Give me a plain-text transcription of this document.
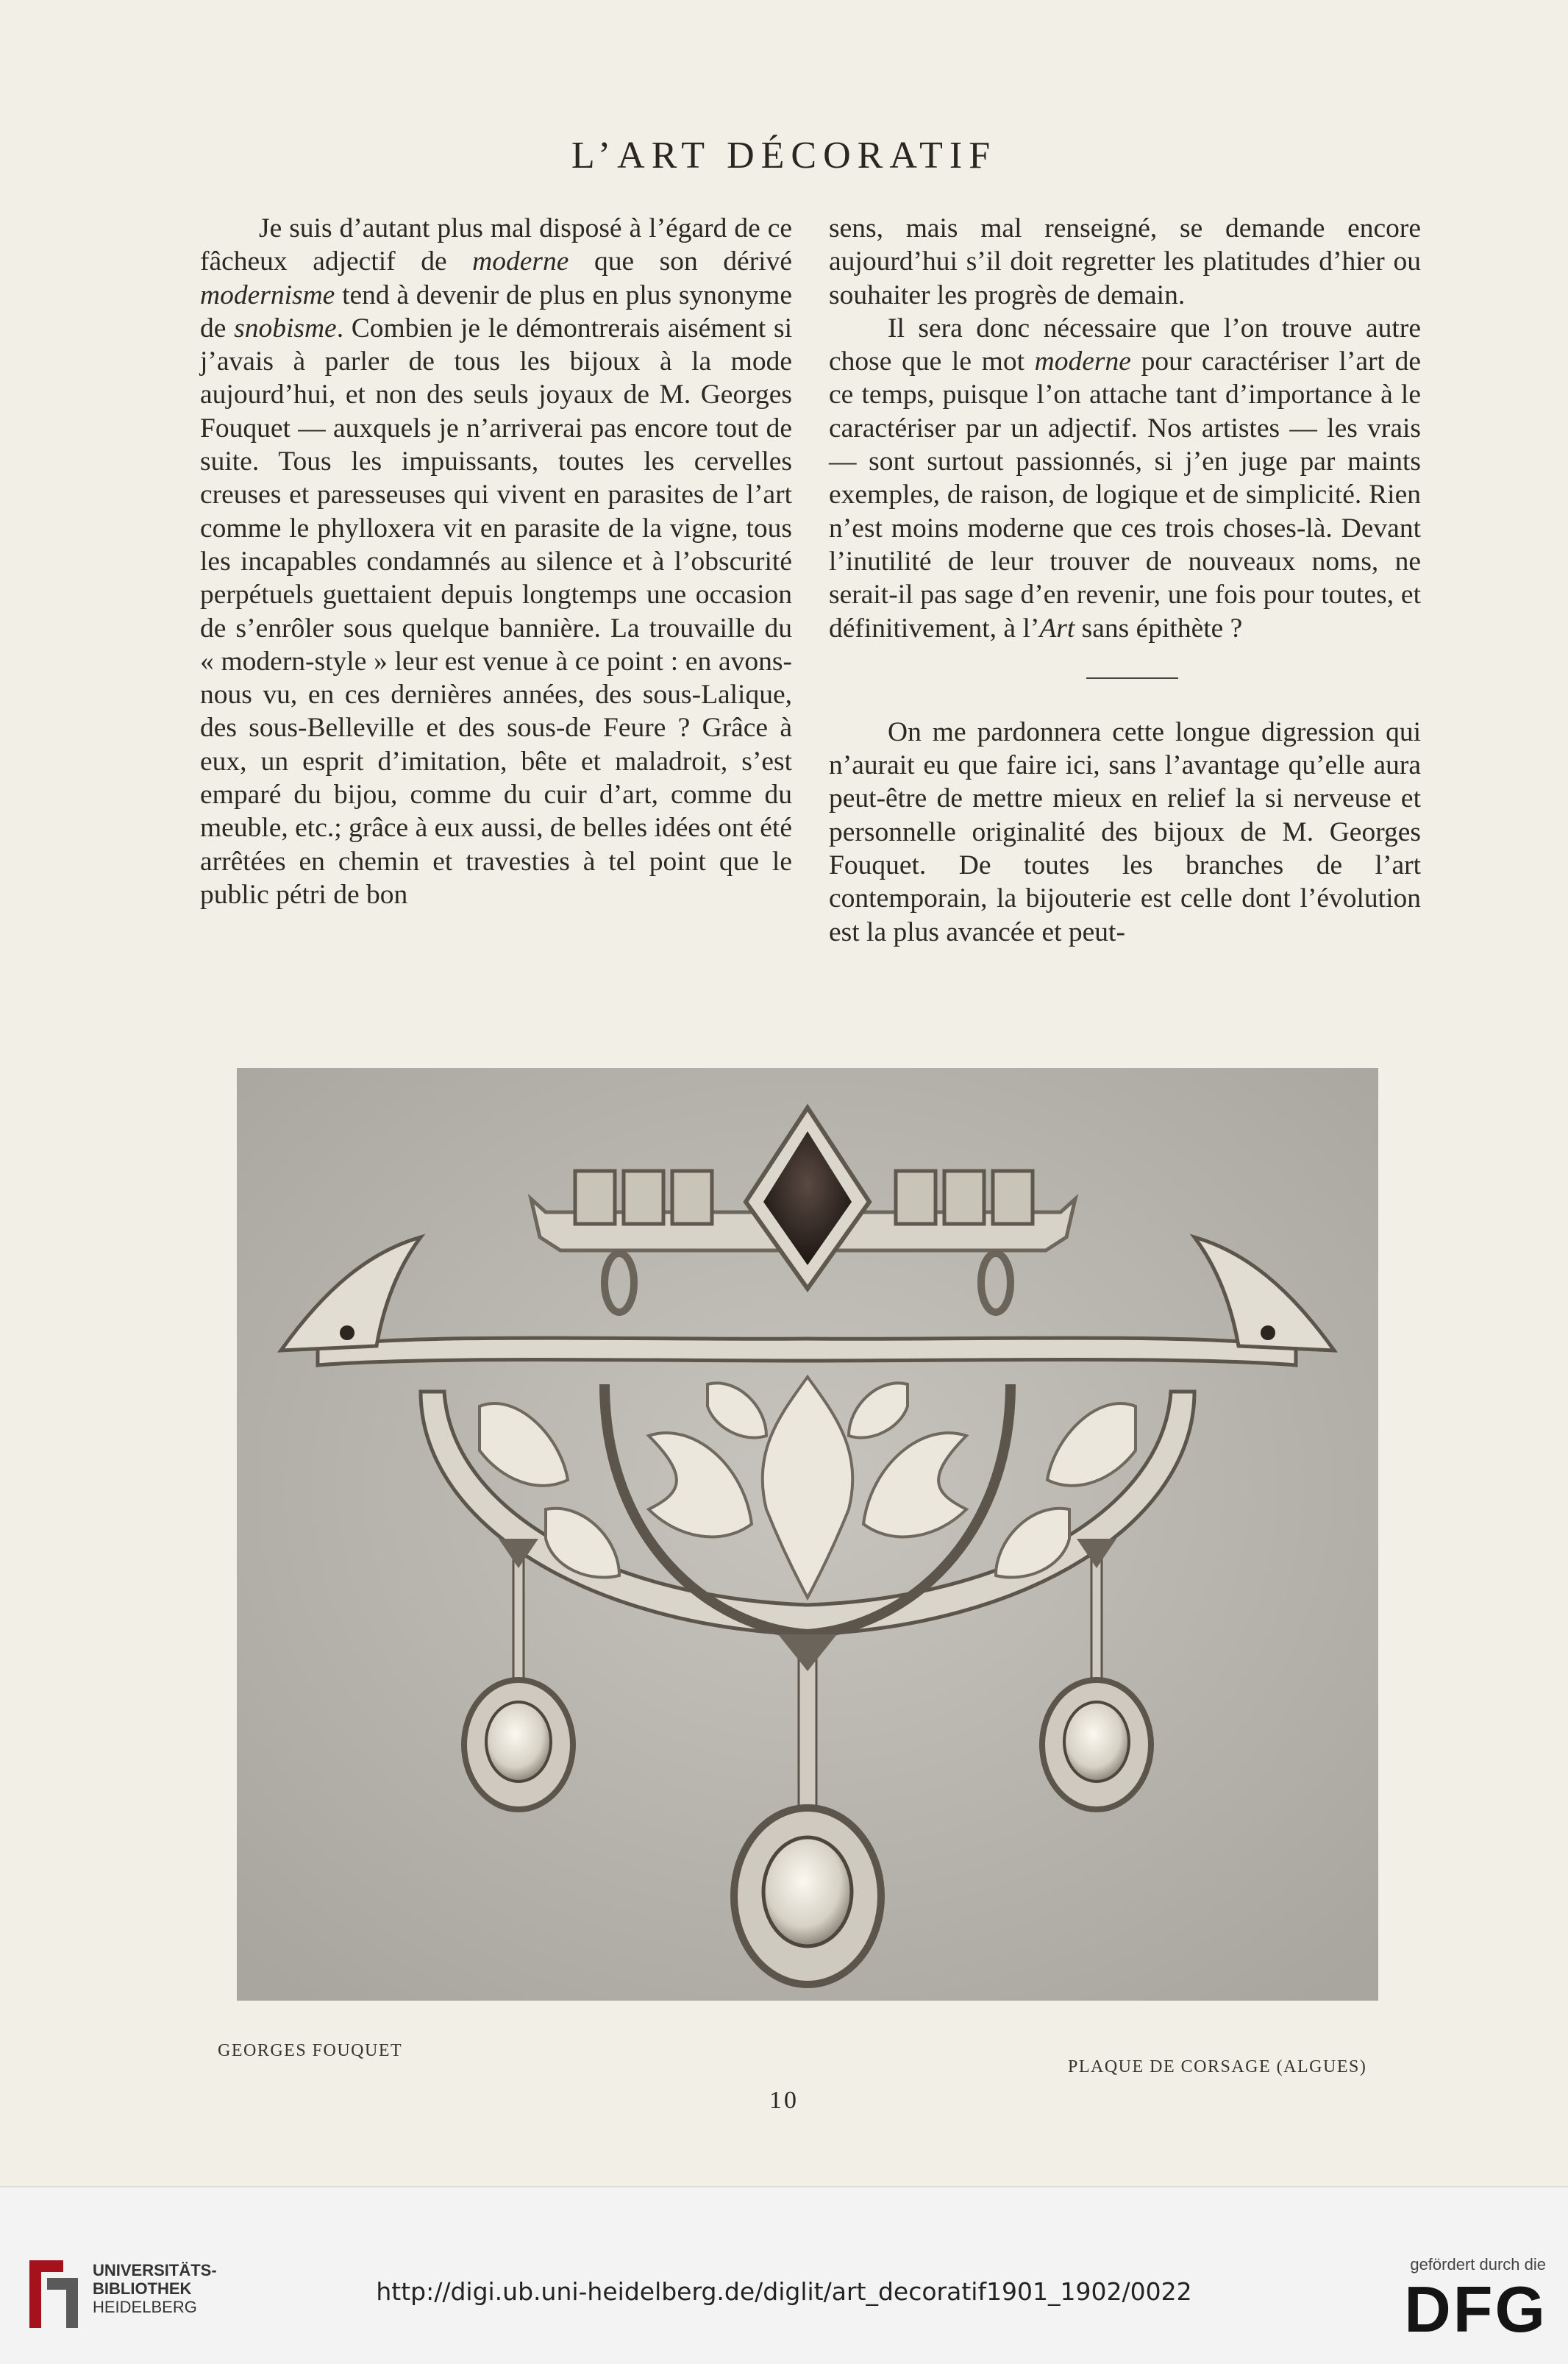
L’ART DÉCORATIF

Je suis d’autant plus mal disposé à l’égard de ce fâcheux adjectif de moderne que son dérivé modernisme tend à devenir de plus en plus synonyme de snobisme. Combien je le démontrerais aisément si j’avais à parler de tous les bijoux à la mode aujourd’hui, et non des seuls joyaux de M. Georges Fouquet — auxquels je n’arriverai pas encore tout de suite. Tous les impuissants, toutes les cervelles creuses et paresseuses qui vivent en parasites de l’art comme le phylloxera vit en parasite de la vigne, tous les incapables condamnés au silence et à l’obscurité perpétuels guettaient depuis longtemps une occasion de s’enrôler sous quelque bannière. La trouvaille du « modern-style » leur est venue à ce point : en avons-nous vu, en ces dernières années, des sous-Lalique, des sous-Belleville et des sous-de Feure ? Grâce à eux, un esprit d’imitation, bête et maladroit, s’est emparé du bijou, comme du cuir d’art, comme du meuble, etc.; grâce à eux aussi, de belles idées ont été arrêtées en chemin et travesties à tel point que le public pétri de bon

sens, mais mal renseigné, se demande encore aujourd’hui s’il doit regretter les platitudes d’hier ou souhaiter les progrès de demain.

Il sera donc nécessaire que l’on trouve autre chose que le mot moderne pour caractériser l’art de ce temps, puisque l’on attache tant d’importance à le caractériser par un adjectif. Nos artistes — les vrais — sont surtout passionnés, si j’en juge par maints exemples, de raison, de logique et de simplicité. Rien n’est moins moderne que ces trois choses-là. Devant l’inutilité de leur trouver de nouveaux noms, ne serait-il pas sage d’en revenir, une fois pour toutes, et définitivement, à l’Art sans épithète ?

On me pardonnera cette longue digression qui n’aurait eu que faire ici, sans l’avantage qu’elle aura peut-être de mettre mieux en relief la si nerveuse et personnelle originalité des bijoux de M. Georges Fouquet. De toutes les branches de l’art contemporain, la bijouterie est celle dont l’évolution est la plus avancée et peut-

GEORGES FOUQUET
PLAQUE DE CORSAGE (ALGUES)
10
UNIVERSITÄTS-
BIBLIOTHEK
HEIDELBERG
http://digi.ub.uni-heidelberg.de/diglit/art_decoratif1901_1902/0022
gefördert durch die
DFG
